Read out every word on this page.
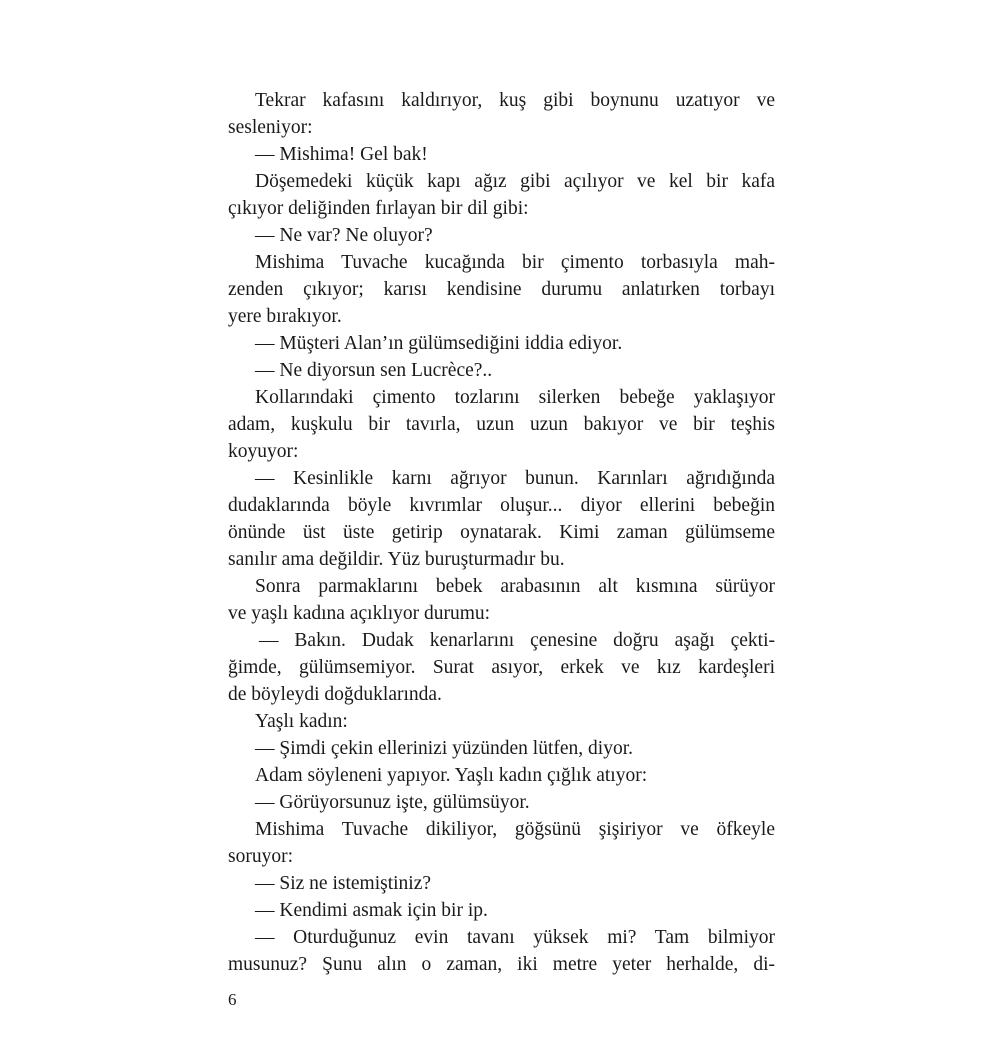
Tekrar kafasını kaldırıyor, kuş gibi boynunu uzatıyor ve
sesleniyor:
— Mishima! Gel bak!
Döşemedeki küçük kapı ağız gibi açılıyor ve kel bir kafa
çıkıyor deliğinden fırlayan bir dil gibi:
— Ne var? Ne oluyor?
Mishima Tuvache kucağında bir çimento torbasıyla mah-
zenden çıkıyor; karısı kendisine durumu anlatırken torbayı
yere bırakıyor.
— Müşteri Alan’ın gülümsediğini iddia ediyor.
— Ne diyorsun sen Lucrèce?..
Kollarındaki çimento tozlarını silerken bebeğe yaklaşıyor
adam, kuşkulu bir tavırla, uzun uzun bakıyor ve bir teşhis
koyuyor:
— Kesinlikle karnı ağrıyor bunun. Karınları ağrıdığında
dudaklarında böyle kıvrımlar oluşur... diyor ellerini bebeğin
önünde üst üste getirip oynatarak. Kimi zaman gülümseme
sanılır ama değildir. Yüz buruşturmadır bu.
Sonra parmaklarını bebek arabasının alt kısmına sürüyor
ve yaşlı kadına açıklıyor durumu:
— Bakın. Dudak kenarlarını çenesine doğru aşağı çekti-
ğimde, gülümsemiyor. Surat asıyor, erkek ve kız kardeşleri
de böyleydi doğduklarında.
Yaşlı kadın:
— Şimdi çekin ellerinizi yüzünden lütfen, diyor.
Adam söyleneni yapıyor. Yaşlı kadın çığlık atıyor:
— Görüyorsunuz işte, gülümsüyor.
Mishima Tuvache dikiliyor, göğsünü şişiriyor ve öfkeyle
soruyor:
— Siz ne istemiştiniz?
— Kendimi asmak için bir ip.
— Oturduğunuz evin tavanı yüksek mi? Tam bilmiyor
musunuz? Şunu alın o zaman, iki metre yeter herhalde, di-
6
